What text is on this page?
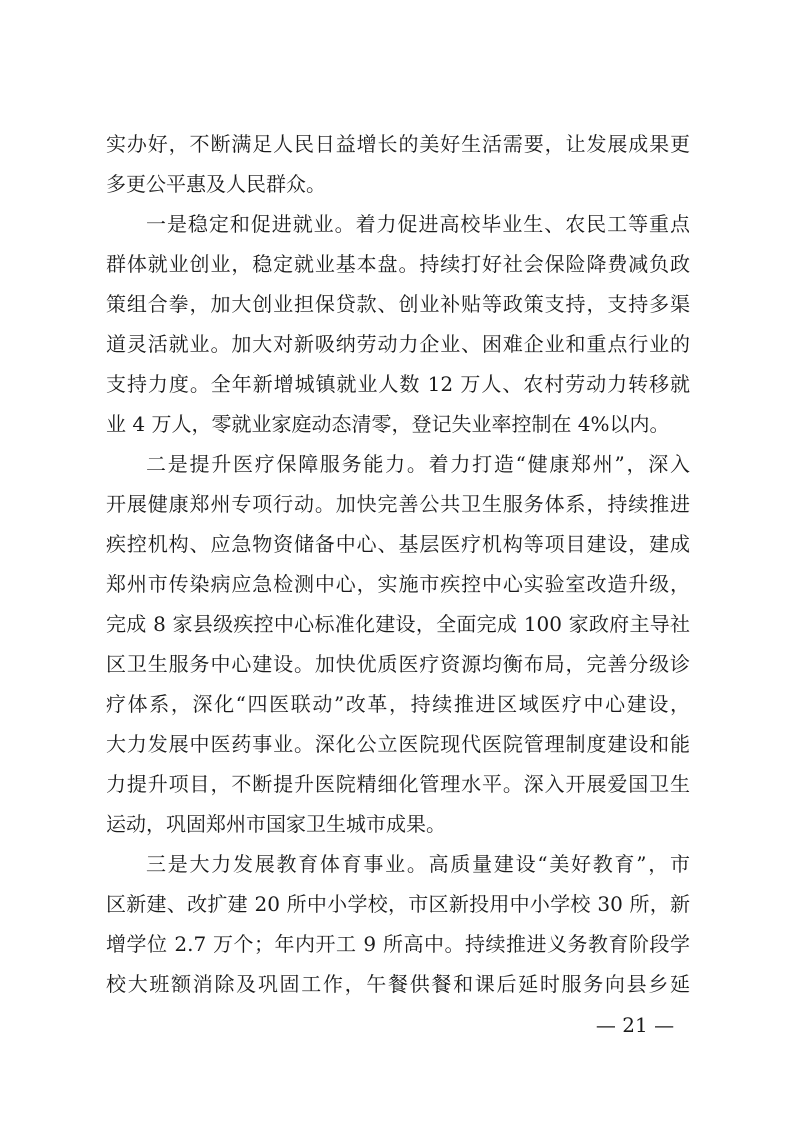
实办好，不断满足人民日益增长的美好生活需要，让发展成果更
多更公平惠及人民群众。
一是稳定和促进就业。着力促进高校毕业生、农民工等重点
群体就业创业，稳定就业基本盘。持续打好社会保险降费减负政
策组合拳，加大创业担保贷款、创业补贴等政策支持，支持多渠
道灵活就业。加大对新吸纳劳动力企业、困难企业和重点行业的
支持力度。全年新增城镇就业人数 12 万人、农村劳动力转移就
业 4 万人，零就业家庭动态清零，登记失业率控制在 4%以内。
二是提升医疗保障服务能力。着力打造“健康郑州”，深入
开展健康郑州专项行动。加快完善公共卫生服务体系，持续推进
疾控机构、应急物资储备中心、基层医疗机构等项目建设，建成
郑州市传染病应急检测中心，实施市疾控中心实验室改造升级，
完成 8 家县级疾控中心标准化建设，全面完成 100 家政府主导社
区卫生服务中心建设。加快优质医疗资源均衡布局，完善分级诊
疗体系，深化“四医联动”改革，持续推进区域医疗中心建设，
大力发展中医药事业。深化公立医院现代医院管理制度建设和能
力提升项目，不断提升医院精细化管理水平。深入开展爱国卫生
运动，巩固郑州市国家卫生城市成果。
三是大力发展教育体育事业。高质量建设“美好教育”，市
区新建、改扩建 20 所中小学校，市区新投用中小学校 30 所，新
增学位 2.7 万个；年内开工 9 所高中。持续推进义务教育阶段学
校大班额消除及巩固工作，午餐供餐和课后延时服务向县乡延
— 21 —
